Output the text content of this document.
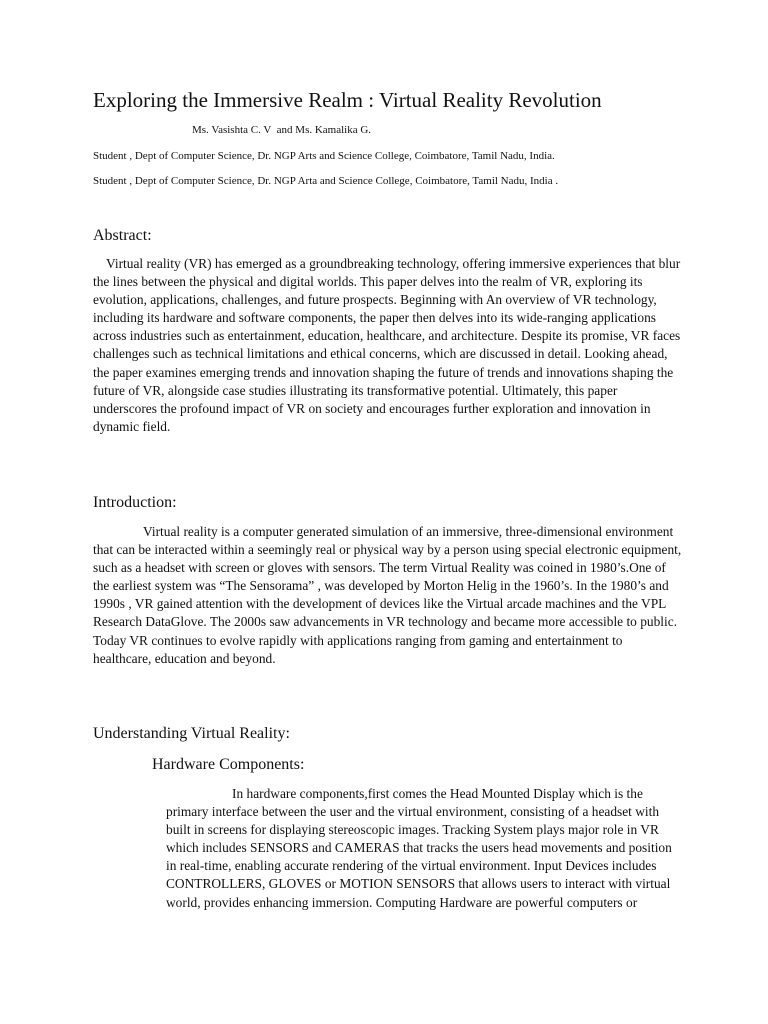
Exploring the Immersive Realm : Virtual Reality Revolution

Ms. Vasishta C. V  and Ms. Kamalika G.

Student , Dept of Computer Science, Dr. NGP Arts and Science College, Coimbatore, Tamil Nadu, India.

Student , Dept of Computer Science, Dr. NGP Arta and Science College, Coimbatore, Tamil Nadu, India .

Abstract:

Virtual reality (VR) has emerged as a groundbreaking technology, offering immersive experiences that blur the lines between the physical and digital worlds. This paper delves into the realm of VR, exploring its evolution, applications, challenges, and future prospects. Beginning with An overview of VR technology, including its hardware and software components, the paper then delves into its wide-ranging applications across industries such as entertainment, education, healthcare, and architecture. Despite its promise, VR faces challenges such as technical limitations and ethical concerns, which are discussed in detail. Looking ahead, the paper examines emerging trends and innovation shaping the future of trends and innovations shaping the future of VR, alongside case studies illustrating its transformative potential. Ultimately, this paper underscores the profound impact of VR on society and encourages further exploration and innovation in dynamic field.

Introduction:

Virtual reality is a computer generated simulation of an immersive, three-dimensional environment that can be interacted within a seemingly real or physical way by a person using special electronic equipment, such as a headset with screen or gloves with sensors. The term Virtual Reality was coined in 1980’s.One of the earliest system was “The Sensorama” , was developed by Morton Helig in the 1960’s. In the 1980’s and 1990s , VR gained attention with the development of devices like the Virtual arcade machines and the VPL Research DataGlove. The 2000s saw advancements in VR technology and became more accessible to public. Today VR continues to evolve rapidly with applications ranging from gaming and entertainment to healthcare, education and beyond.

Understanding Virtual Reality:
Hardware Components:

In hardware components,first comes the Head Mounted Display which is the primary interface between the user and the virtual environment, consisting of a headset with built in screens for displaying stereoscopic images. Tracking System plays major role in VR which includes SENSORS and CAMERAS that tracks the users head movements and position in real-time, enabling accurate rendering of the virtual environment. Input Devices includes CONTROLLERS, GLOVES or MOTION SENSORS that allows users to interact with virtual world, provides enhancing immersion. Computing Hardware are powerful computers or
